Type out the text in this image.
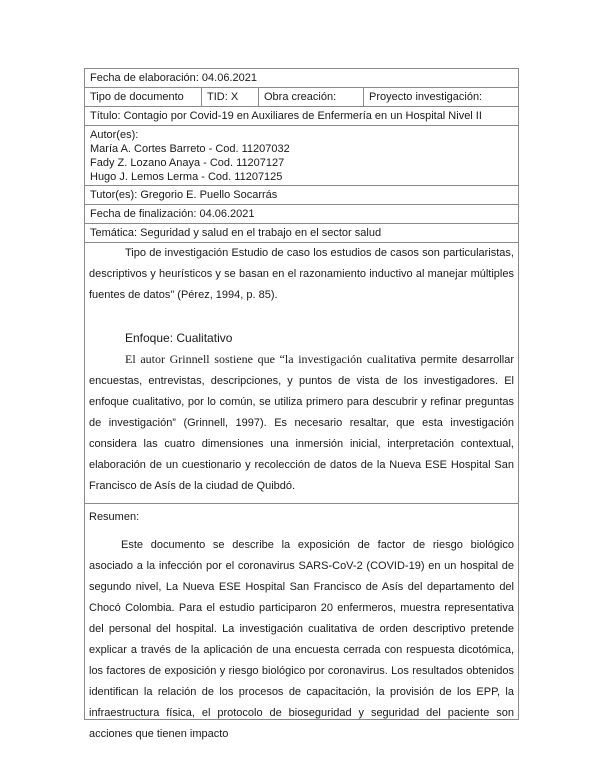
Fecha de elaboración: 04.06.2021
Tipo de documento	TID: X	Obra creación:	Proyecto investigación:
Título: Contagio por Covid-19 en Auxiliares de Enfermería en un Hospital Nivel II
Autor(es):
María A. Cortes Barreto - Cod. 11207032
Fady Z. Lozano Anaya - Cod. 11207127
Hugo J. Lemos Lerma - Cod. 11207125
Tutor(es): Gregorio E. Puello Socarrás
Fecha de finalización: 04.06.2021
Temática: Seguridad y salud en el trabajo en el sector salud

Tipo de investigación Estudio de caso los estudios de casos son particularistas, descriptivos y heurísticos y se basan en el razonamiento inductivo al manejar múltiples fuentes de datos" (Pérez, 1994, p. 85).

Enfoque: Cualitativo

El autor Grinnell sostiene que “la investigación cualitativa permite desarrollar encuestas, entrevistas, descripciones, y puntos de vista de los investigadores. El enfoque cualitativo, por lo común, se utiliza primero para descubrir y refinar preguntas de investigación” (Grinnell, 1997). Es necesario resaltar, que esta investigación considera las cuatro dimensiones una inmersión inicial, interpretación contextual, elaboración de un cuestionario y recolección de datos de la Nueva ESE Hospital San Francisco de Asís de la ciudad de Quibdó.

Resumen:

Este documento se describe la exposición de factor de riesgo biológico asociado a la infección por el coronavirus SARS-CoV-2 (COVID-19) en un hospital de segundo nivel, La Nueva ESE Hospital San Francisco de Asís del departamento del Chocó Colombia. Para el estudio participaron 20 enfermeros, muestra representativa del personal del hospital. La investigación cualitativa de orden descriptivo pretende explicar a través de la aplicación de una encuesta cerrada con respuesta dicotómica, los factores de exposición y riesgo biológico por coronavirus. Los resultados obtenidos identifican la relación de los procesos de capacitación, la provisión de los EPP, la infraestructura física, el protocolo de bioseguridad y seguridad del paciente son acciones que tienen impacto
